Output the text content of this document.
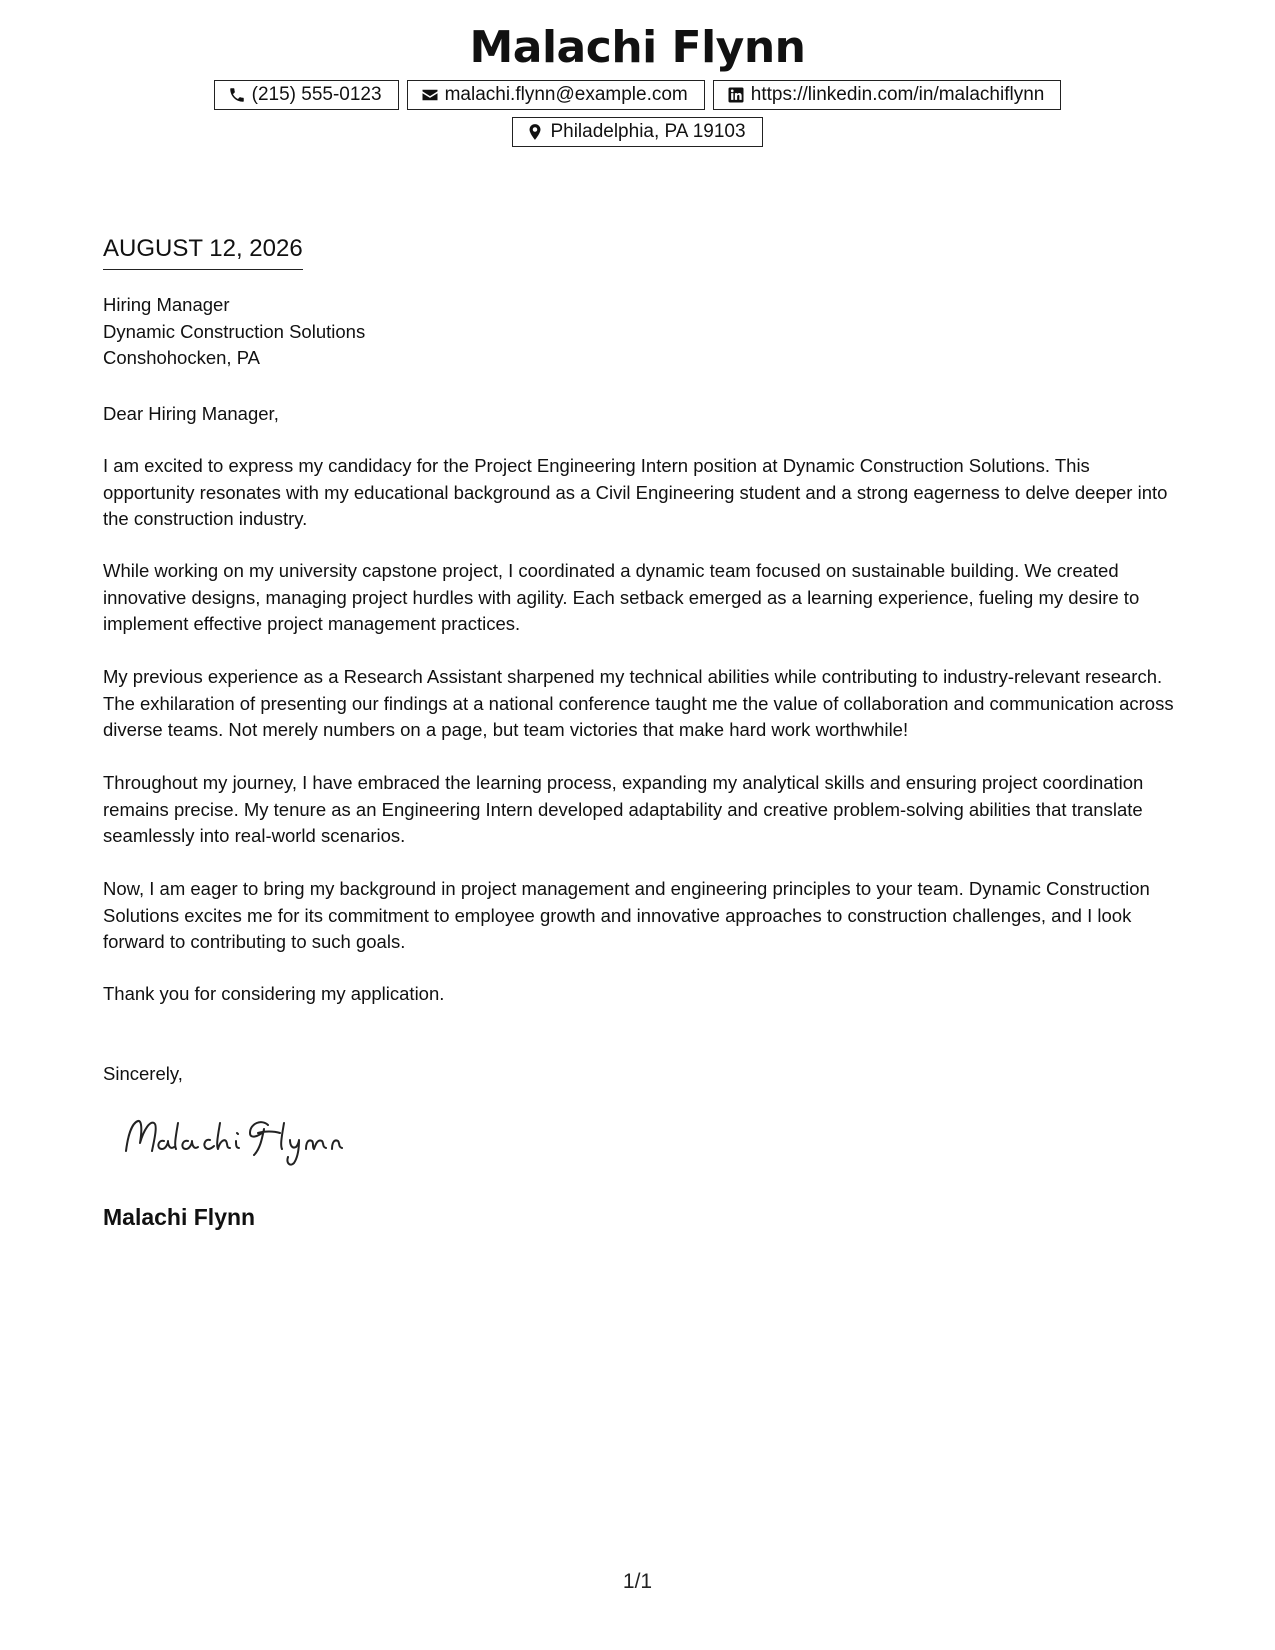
Malachi Flynn
(215) 555-0123	malachi.flynn@example.com	https://linkedin.com/in/malachiflynn
Philadelphia, PA 19103
AUGUST 12, 2026
Hiring Manager
Dynamic Construction Solutions
Conshohocken, PA

Dear Hiring Manager,

I am excited to express my candidacy for the Project Engineering Intern position at Dynamic Construction Solutions. This opportunity resonates with my educational background as a Civil Engineering student and a strong eagerness to delve deeper into the construction industry.

While working on my university capstone project, I coordinated a dynamic team focused on sustainable building. We created innovative designs, managing project hurdles with agility. Each setback emerged as a learning experience, fueling my desire to implement effective project management practices.

My previous experience as a Research Assistant sharpened my technical abilities while contributing to industry-relevant research. The exhilaration of presenting our findings at a national conference taught me the value of collaboration and communication across diverse teams. Not merely numbers on a page, but team victories that make hard work worthwhile!

Throughout my journey, I have embraced the learning process, expanding my analytical skills and ensuring project coordination remains precise. My tenure as an Engineering Intern developed adaptability and creative problem-solving abilities that translate seamlessly into real-world scenarios.

Now, I am eager to bring my background in project management and engineering principles to your team. Dynamic Construction Solutions excites me for its commitment to employee growth and innovative approaches to construction challenges, and I look forward to contributing to such goals.

Thank you for considering my application.

Sincerely,

Malachi Flynn
1/1
